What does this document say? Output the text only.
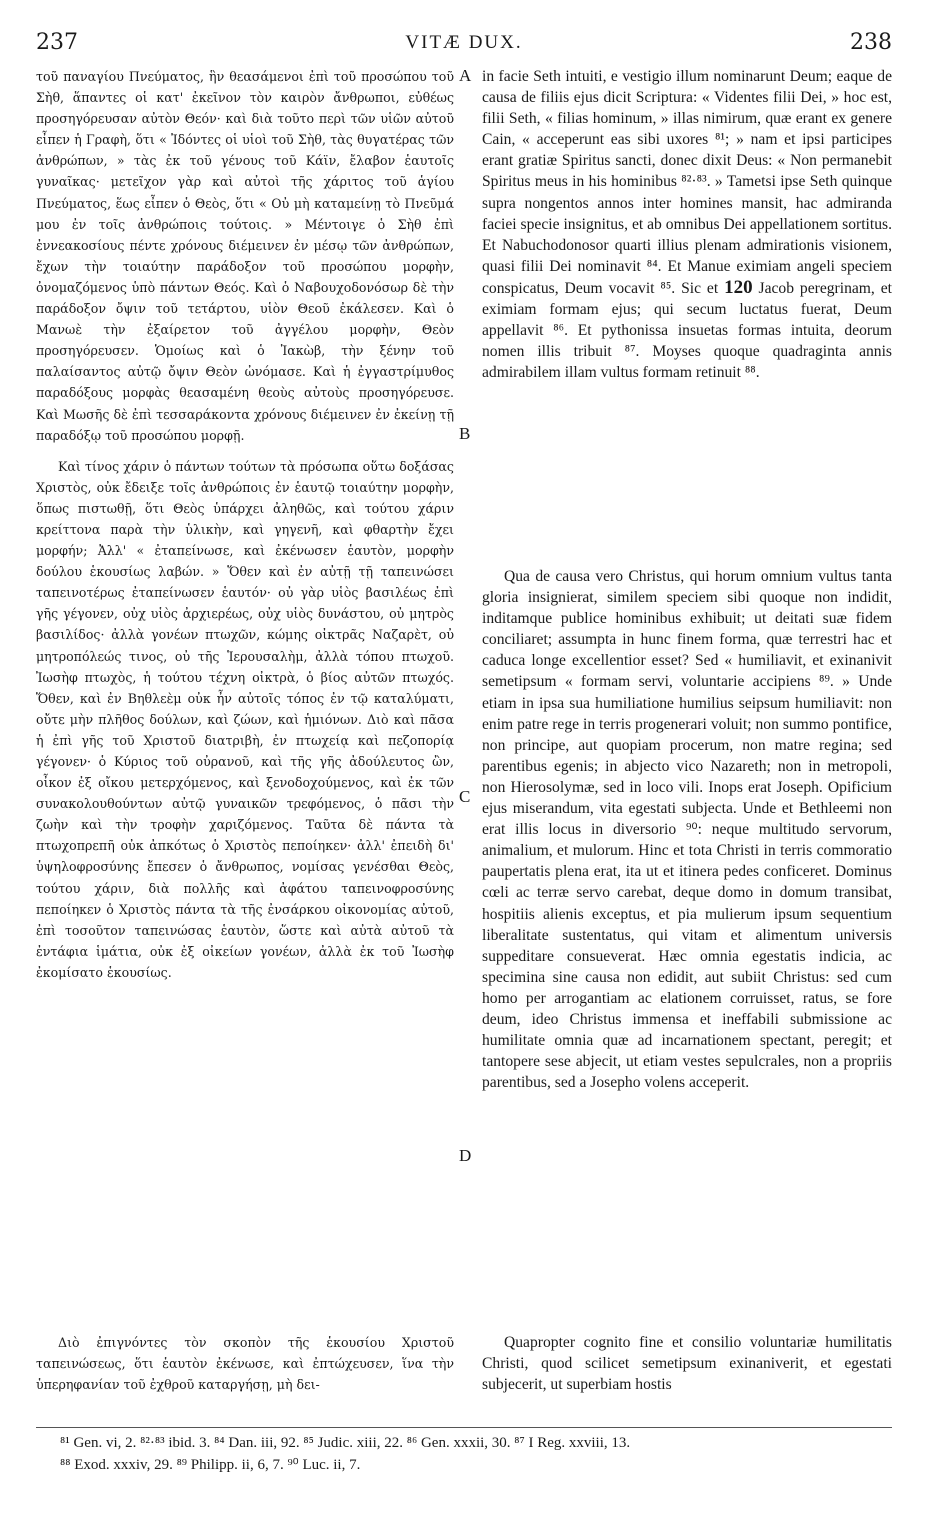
237	VITÆ DUX.	238

τοῦ παναγίου Πνεύματος, ἣν θεασάμενοι ἐπὶ τοῦ προσώπου τοῦ Σὴθ, ἅπαντες οἱ κατ' ἐκεῖνον τὸν καιρὸν ἄνθρωποι, εὐθέως προσηγόρευσαν αὐτὸν Θεόν· καὶ διὰ τοῦτο περὶ τῶν υἱῶν αὐτοῦ εἶπεν ἡ Γραφὴ, ὅτι « Ἰδόντες οἱ υἱοὶ τοῦ Σὴθ, τὰς θυγατέρας τῶν ἀνθρώπων, » τὰς ἐκ τοῦ γένους τοῦ Κάϊν, ἔλαβον ἑαυτοῖς γυναῖκας· μετεῖχον γὰρ καὶ αὐτοὶ τῆς χάριτος τοῦ ἁγίου Πνεύματος, ἕως εἶπεν ὁ Θεὸς, ὅτι « Οὐ μὴ καταμείνῃ τὸ Πνεῦμά μου ἐν τοῖς ἀνθρώποις τούτοις. » Μέντοιγε ὁ Σὴθ ἐπὶ ἐννεακοσίους πέντε χρόνους διέμεινεν ἐν μέσῳ τῶν ἀνθρώπων, ἔχων τὴν τοιαύτην παράδοξον τοῦ προσώπου μορφὴν, ὀνομαζόμενος ὑπὸ πάντων Θεός. Καὶ ὁ Ναβουχοδονόσωρ δὲ τὴν παράδοξον ὄψιν τοῦ τετάρτου, υἱὸν Θεοῦ ἐκάλεσεν. Καὶ ὁ Μανωὲ τὴν ἐξαίρετον τοῦ ἀγγέλου μορφὴν, Θεὸν προσηγόρευσεν. Ὁμοίως καὶ ὁ Ἰακὼβ, τὴν ξένην τοῦ παλαίσαντος αὐτῷ ὄψιν Θεὸν ὠνόμασε. Καὶ ἡ ἐγγαστρίμυθος παραδόξους μορφὰς θεασαμένη θεοὺς αὐτοὺς προσηγόρευσε. Καὶ Μωσῆς δὲ ἐπὶ τεσσαράκοντα χρόνους διέμεινεν ἐν ἐκείνῃ τῇ παραδόξῳ τοῦ προσώπου μορφῇ.

Καὶ τίνος χάριν ὁ πάντων τούτων τὰ πρόσωπα οὕτω δοξάσας Χριστὸς, οὐκ ἔδειξε τοῖς ἀνθρώποις ἐν ἑαυτῷ τοιαύτην μορφὴν, ὅπως πιστωθῇ, ὅτι Θεὸς ὑπάρχει ἀληθῶς, καὶ τούτου χάριν κρείττονα παρὰ τὴν ὑλικὴν, καὶ γηγενῆ, καὶ φθαρτὴν ἔχει μορφήν; Ἀλλ' « ἐταπείνωσε, καὶ ἐκένωσεν ἑαυτὸν, μορφὴν δούλου ἑκουσίως λαβών. » Ὅθεν καὶ ἐν αὐτῇ τῇ ταπεινώσει ταπεινοτέρως ἐταπείνωσεν ἑαυτόν· οὐ γὰρ υἱὸς βασιλέως ἐπὶ γῆς γέγονεν, οὐχ υἱὸς ἀρχιερέως, οὐχ υἱὸς δυνάστου, οὐ μητρὸς βασιλίδος· ἀλλὰ γονέων πτωχῶν, κώμης οἰκτρᾶς Ναζαρὲτ, οὐ μητροπόλεώς τινος, οὐ τῆς Ἱερουσαλὴμ, ἀλλὰ τόπου πτωχοῦ. Ἰωσὴφ πτωχὸς, ἡ τούτου τέχνη οἰκτρὰ, ὁ βίος αὐτῶν πτωχός. Ὅθεν, καὶ ἐν Βηθλεὲμ οὐκ ἦν αὐτοῖς τόπος ἐν τῷ καταλύματι, οὔτε μὴν πλῆθος δούλων, καὶ ζώων, καὶ ἡμιόνων. Διὸ καὶ πᾶσα ἡ ἐπὶ γῆς τοῦ Χριστοῦ διατριβὴ, ἐν πτωχείᾳ καὶ πεζοπορίᾳ γέγονεν· ὁ Κύριος τοῦ οὐρανοῦ, καὶ τῆς γῆς ἀδούλευτος ὢν, οἶκον ἐξ οἴκου μετερχόμενος, καὶ ξενοδοχούμενος, καὶ ἐκ τῶν συνακολουθούντων αὐτῷ γυναικῶν τρεφόμενος, ὁ πᾶσι τὴν ζωὴν καὶ τὴν τροφὴν χαριζόμενος. Ταῦτα δὲ πάντα τὰ πτωχοπρεπῆ οὐκ ἀπκότως ὁ Χριστὸς πεποίηκεν· ἀλλ' ἐπειδὴ δι' ὑψηλοφροσύνης ἔπεσεν ὁ ἄνθρωπος, νομίσας γενέσθαι Θεὸς, τούτου χάριν, διὰ πολλῆς καὶ ἀφάτου ταπεινοφροσύνης πεποίηκεν ὁ Χριστὸς πάντα τὰ τῆς ἐνσάρκου οἰκονομίας αὐτοῦ, ἐπὶ τοσοῦτον ταπεινώσας ἑαυτὸν, ὥστε καὶ αὐτὰ αὐτοῦ τὰ ἐντάφια ἱμάτια, οὐκ ἐξ οἰκείων γονέων, ἀλλὰ ἐκ τοῦ Ἰωσὴφ ἐκομίσατο ἑκουσίως.

Διὸ ἐπιγνόντες τὸν σκοπὸν τῆς ἑκουσίου Χριστοῦ ταπεινώσεως, ὅτι ἑαυτὸν ἐκένωσε, καὶ ἐπτώχευσεν, ἵνα τὴν ὑπερηφανίαν τοῦ ἐχθροῦ καταργήσῃ, μὴ δει-

in facie Seth intuiti, e vestigio illum nominarunt Deum; eaque de causa de filiis ejus dicit Scriptura: « Videntes filii Dei, » hoc est, filii Seth, « filias hominum, » illas nimirum, quæ erant ex genere Cain, « acceperunt eas sibi uxores ⁸¹; » nam et ipsi participes erant gratiæ Spiritus sancti, donec dixit Deus: « Non permanebit Spiritus meus in his hominibus ⁸²·⁸³. » Tametsi ipse Seth quinque supra nongentos annos inter homines mansit, hac admiranda faciei specie insignitus, et ab omnibus Dei appellationem sortitus. Et Nabuchodonosor quarti illius plenam admirationis visionem, quasi filii Dei nominavit ⁸⁴. Et Manue eximiam angeli speciem conspicatus, Deum vocavit ⁸⁵. Sic et 120 Jacob peregrinam, et eximiam formam ejus; qui secum luctatus fuerat, Deum appellavit ⁸⁶. Et pythonissa insuetas formas intuita, deorum nomen illis tribuit ⁸⁷. Moyses quoque quadraginta annis admirabilem illam vultus formam retinuit ⁸⁸.

Qua de causa vero Christus, qui horum omnium vultus tanta gloria insignierat, similem speciem sibi quoque non indidit, inditamque publice hominibus exhibuit; ut deitati suæ fidem conciliaret; assumpta in hunc finem forma, quæ terrestri hac et caduca longe excellentior esset? Sed « humiliavit, et exinanivit semetipsum « formam servi, voluntarie accipiens ⁸⁹. » Unde etiam in ipsa sua humiliatione humilius seipsum humiliavit: non enim patre rege in terris progenerari voluit; non summo pontifice, non principe, aut quopiam procerum, non matre regina; sed parentibus egenis; in abjecto vico Nazareth; non in metropoli, non Hierosolymæ, sed in loco vili. Inops erat Joseph. Opificium ejus miserandum, vita egestati subjecta. Unde et Bethleemi non erat illis locus in diversorio ⁹⁰: neque multitudo servorum, animalium, et mulorum. Hinc et tota Christi in terris commoratio paupertatis plena erat, ita ut et itinera pedes conficeret. Dominus cœli ac terræ servo carebat, deque domo in domum transibat, hospitiis alienis exceptus, et pia mulierum ipsum sequentium liberalitate sustentatus, qui vitam et alimentum universis suppeditare consueverat. Hæc omnia egestatis indicia, ac specimina sine causa non edidit, aut subiit Christus: sed cum homo per arrogantiam ac elationem corruisset, ratus, se fore deum, ideo Christus immensa et ineffabili submissione ac humilitate omnia quæ ad incarnationem spectant, peregit; et tantopere sese abjecit, ut etiam vestes sepulcrales, non a propriis parentibus, sed a Josepho volens acceperit.

Quapropter cognito fine et consilio voluntariæ humilitatis Christi, quod scilicet semetipsum exinaniverit, et egestati subjecerit, ut superbiam hostis

A
B
C
D
⁸¹ Gen. vi, 2. ⁸²·⁸³ ibid. 3. ⁸⁴ Dan. iii, 92. ⁸⁵ Judic. xiii, 22. ⁸⁶ Gen. xxxii, 30. ⁸⁷ I Reg. xxviii, 13.
⁸⁸ Exod. xxxiv, 29. ⁸⁹ Philipp. ii, 6, 7. ⁹⁰ Luc. ii, 7.
